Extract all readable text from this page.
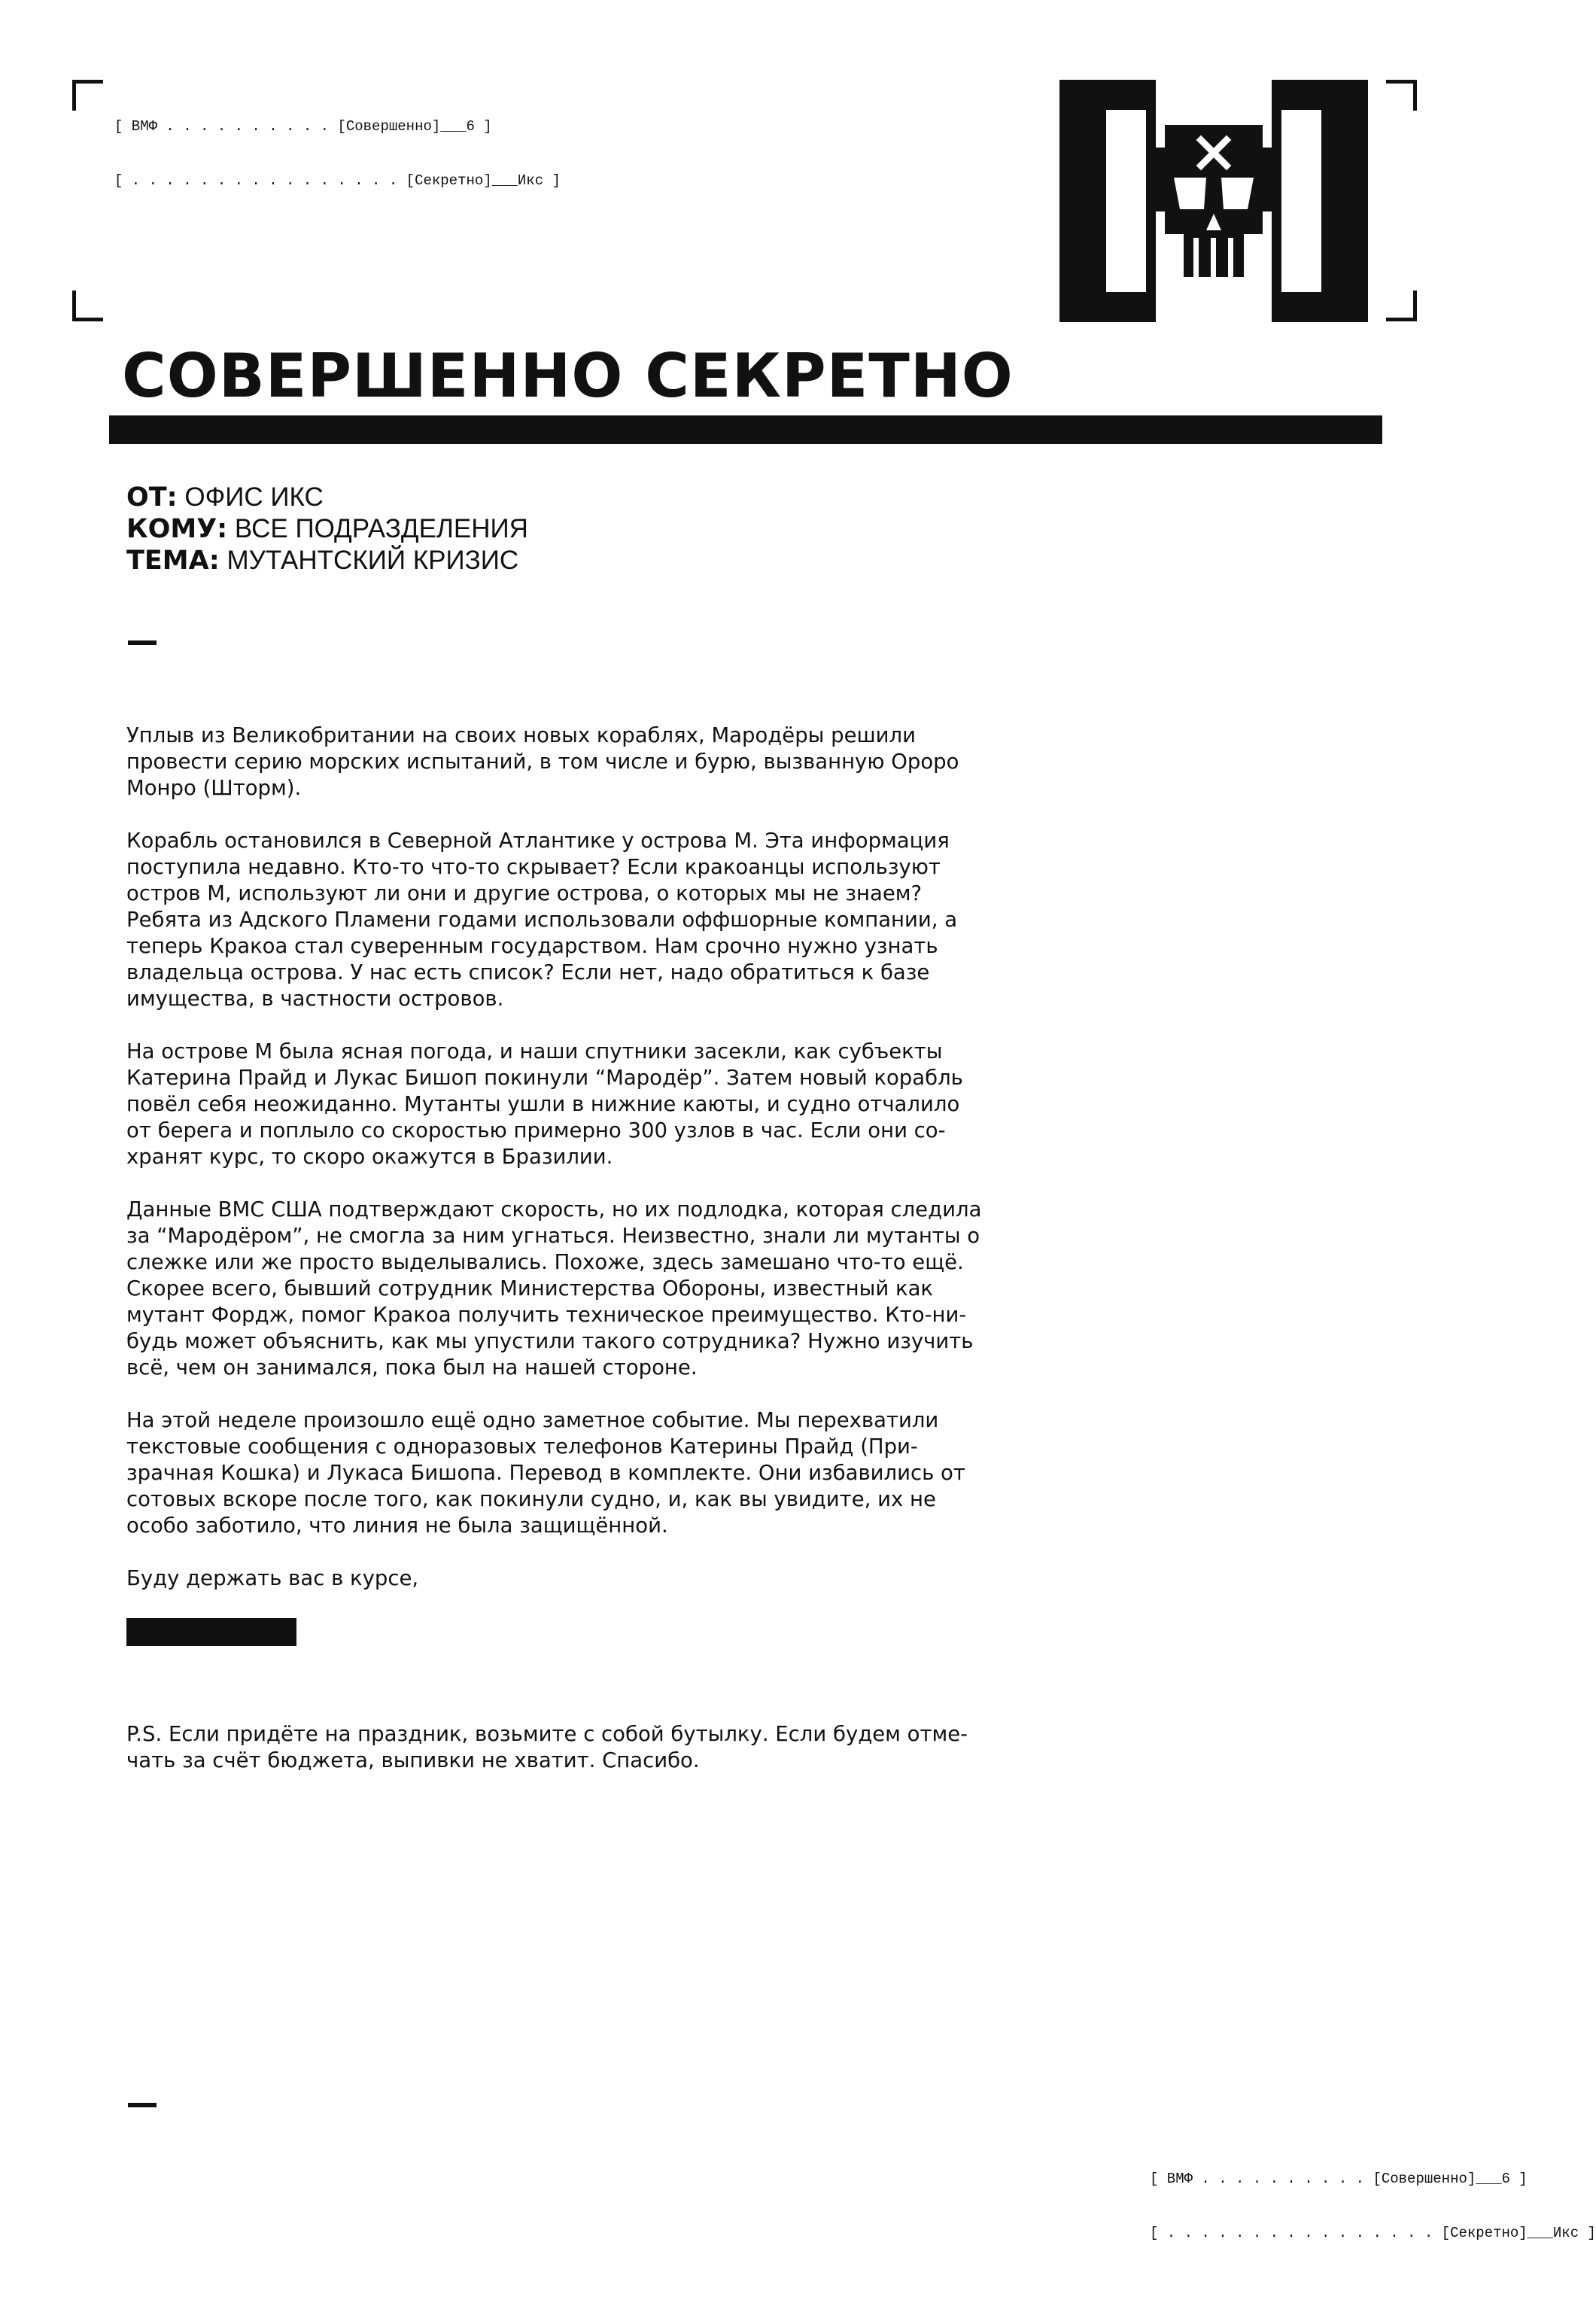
[ ВМФ . . . . . . . . . . [Совершенно]___6 ]

[ . . . . . . . . . . . . . . . . [Секретно]___Икс ]

СОВЕРШЕННО СЕКРЕТНО
ОТ: ОФИС ИКС
КОМУ: ВСЕ ПОДРАЗДЕЛЕНИЯ
ТЕМА: МУТАНТСКИЙ КРИЗИС

Уплыв из Великобритании на своих новых кораблях, Мародёры решили
провести серию морских испытаний, в том числе и бурю, вызванную Ороро
Монро (Шторм).

Корабль остановился в Северной Атлантике у острова М. Эта информация
поступила недавно. Кто-то что-то скрывает? Если кракоанцы используют
остров М, используют ли они и другие острова, о которых мы не знаем?
Ребята из Адского Пламени годами использовали оффшорные компании, а
теперь Кракоа стал суверенным государством. Нам срочно нужно узнать
владельца острова. У нас есть список? Если нет, надо обратиться к базе
имущества, в частности островов.

На острове М была ясная погода, и наши спутники засекли, как субъекты
Катерина Прайд и Лукас Бишоп покинули “Мародёр”. Затем новый корабль
повёл себя неожиданно. Мутанты ушли в нижние каюты, и судно отчалило
от берега и поплыло со скоростью примерно 300 узлов в час. Если они со-
хранят курс, то скоро окажутся в Бразилии.

Данные ВМС США подтверждают скорость, но их подлодка, которая следила
за “Мародёром”, не смогла за ним угнаться. Неизвестно, знали ли мутанты о
слежке или же просто выделывались. Похоже, здесь замешано что-то ещё.
Скорее всего, бывший сотрудник Министерства Обороны, известный как
мутант Фордж, помог Кракоа получить техническое преимущество. Кто-ни-
будь может объяснить, как мы упустили такого сотрудника? Нужно изучить
всё, чем он занимался, пока был на нашей стороне.

На этой неделе произошло ещё одно заметное событие. Мы перехватили
текстовые сообщения с одноразовых телефонов Катерины Прайд (При-
зрачная Кошка) и Лукаса Бишопа. Перевод в комплекте. Они избавились от
сотовых вскоре после того, как покинули судно, и, как вы увидите, их не
особо заботило, что линия не была защищённой.

Буду держать вас в курсе,

P.S. Если придёте на праздник, возьмите с собой бутылку. Если будем отме-
чать за счёт бюджета, выпивки не хватит. Спасибо.

[ ВМФ . . . . . . . . . . [Совершенно]___6 ]

[ . . . . . . . . . . . . . . . . [Секретно]___Икс ]
